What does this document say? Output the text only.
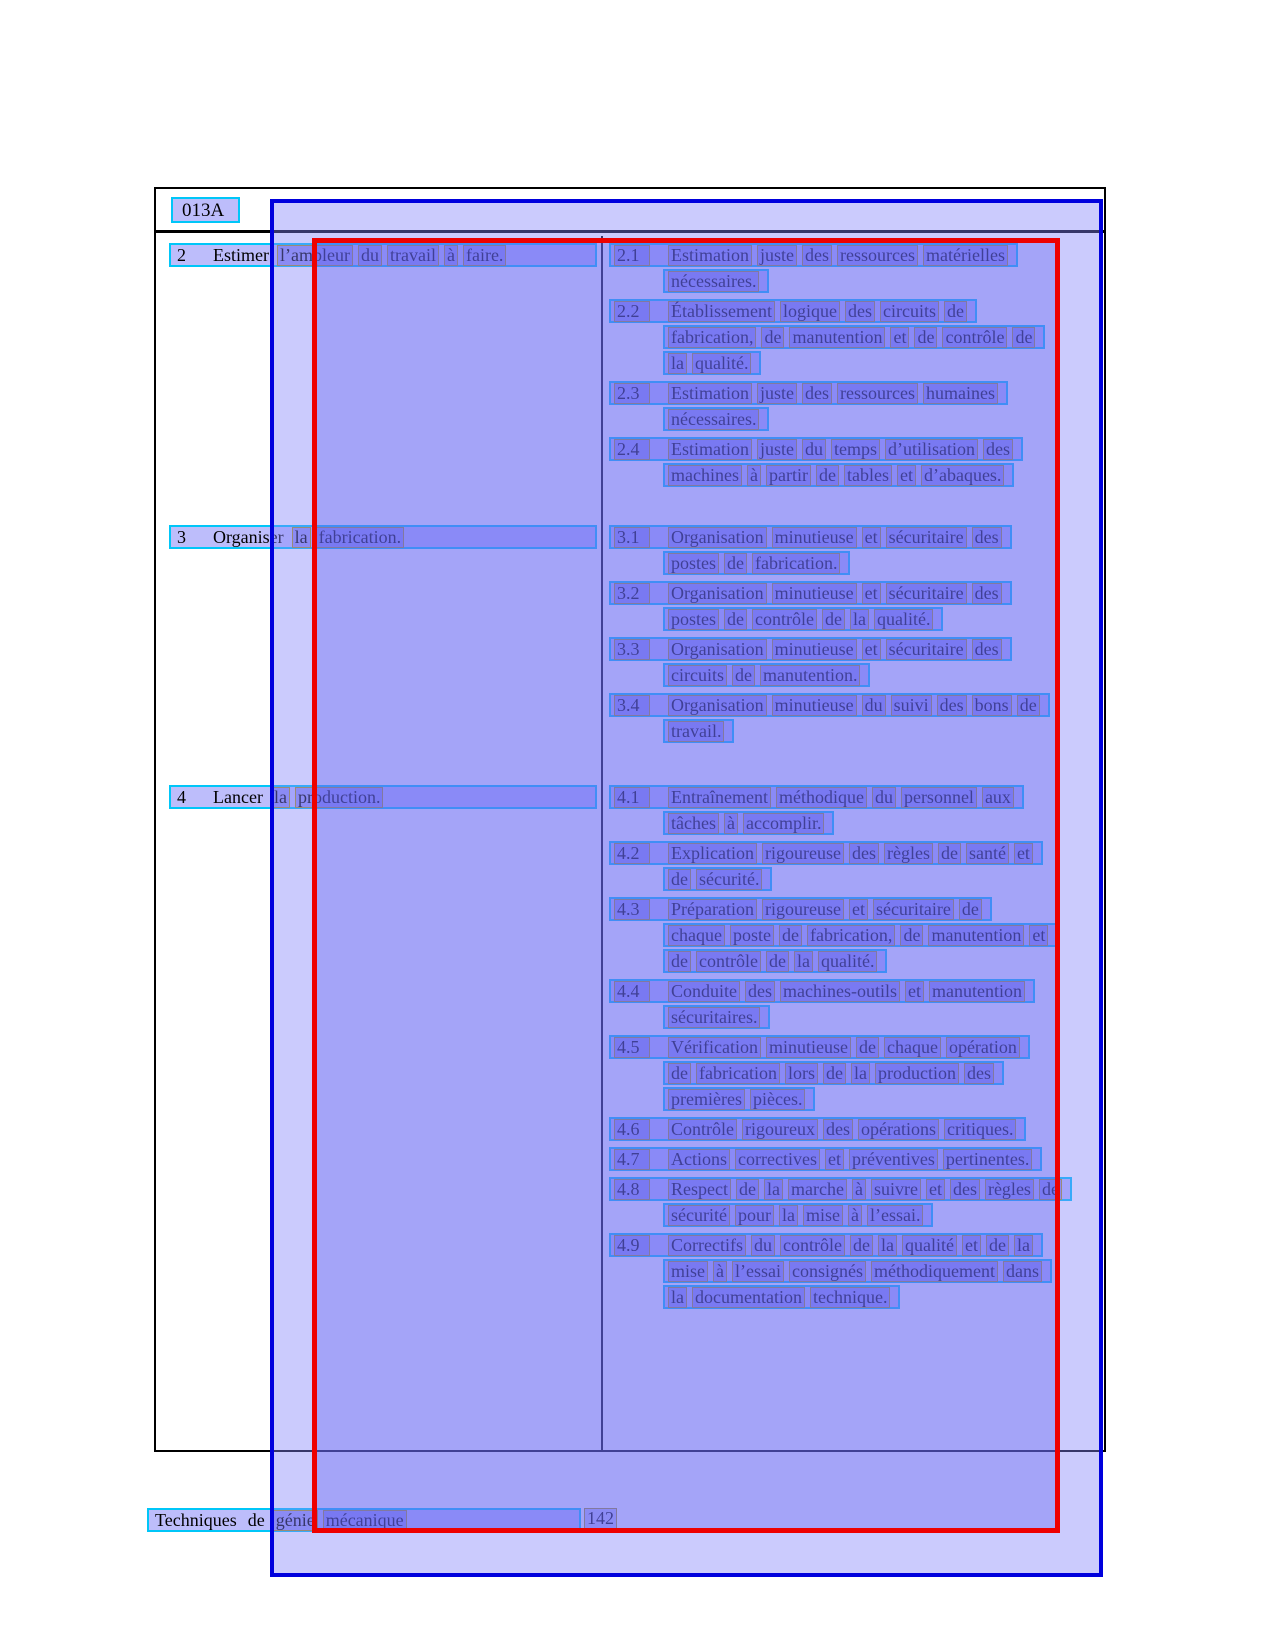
013A
2	Estimer l’ampleur du travail à faire.	2.1	Estimation juste des ressources matérielles
nécessaires.
2.2	Établissement logique des circuits de
fabrication, de manutention et de contrôle de
la qualité.
2.3	Estimation juste des ressources humaines
nécessaires.
2.4	Estimation juste du temps d’utilisation des
machines à partir de tables et d’abaques.
3	Organiser la fabrication.	3.1	Organisation minutieuse et sécuritaire des
postes de fabrication.
3.2	Organisation minutieuse et sécuritaire des
postes de contrôle de la qualité.
3.3	Organisation minutieuse et sécuritaire des
circuits de manutention.
3.4	Organisation minutieuse du suivi des bons de
travail.
4	Lancer la production.	4.1	Entraînement méthodique du personnel aux
tâches à accomplir.
4.2	Explication rigoureuse des règles de santé et
de sécurité.
4.3	Préparation rigoureuse et sécuritaire de
chaque poste de fabrication, de manutention et
de contrôle de la qualité.
4.4	Conduite des machines-outils et manutention
sécuritaires.
4.5	Vérification minutieuse de chaque opération
de fabrication lors de la production des
premières pièces.
4.6	Contrôle rigoureux des opérations critiques.
4.7	Actions correctives et préventives pertinentes.
4.8	Respect de la marche à suivre et des règles de
sécurité pour la mise à l’essai.
4.9	Correctifs du contrôle de la qualité et de la
mise à l’essai consignés méthodiquement dans
la documentation technique.
Techniques de génie mécanique	142
